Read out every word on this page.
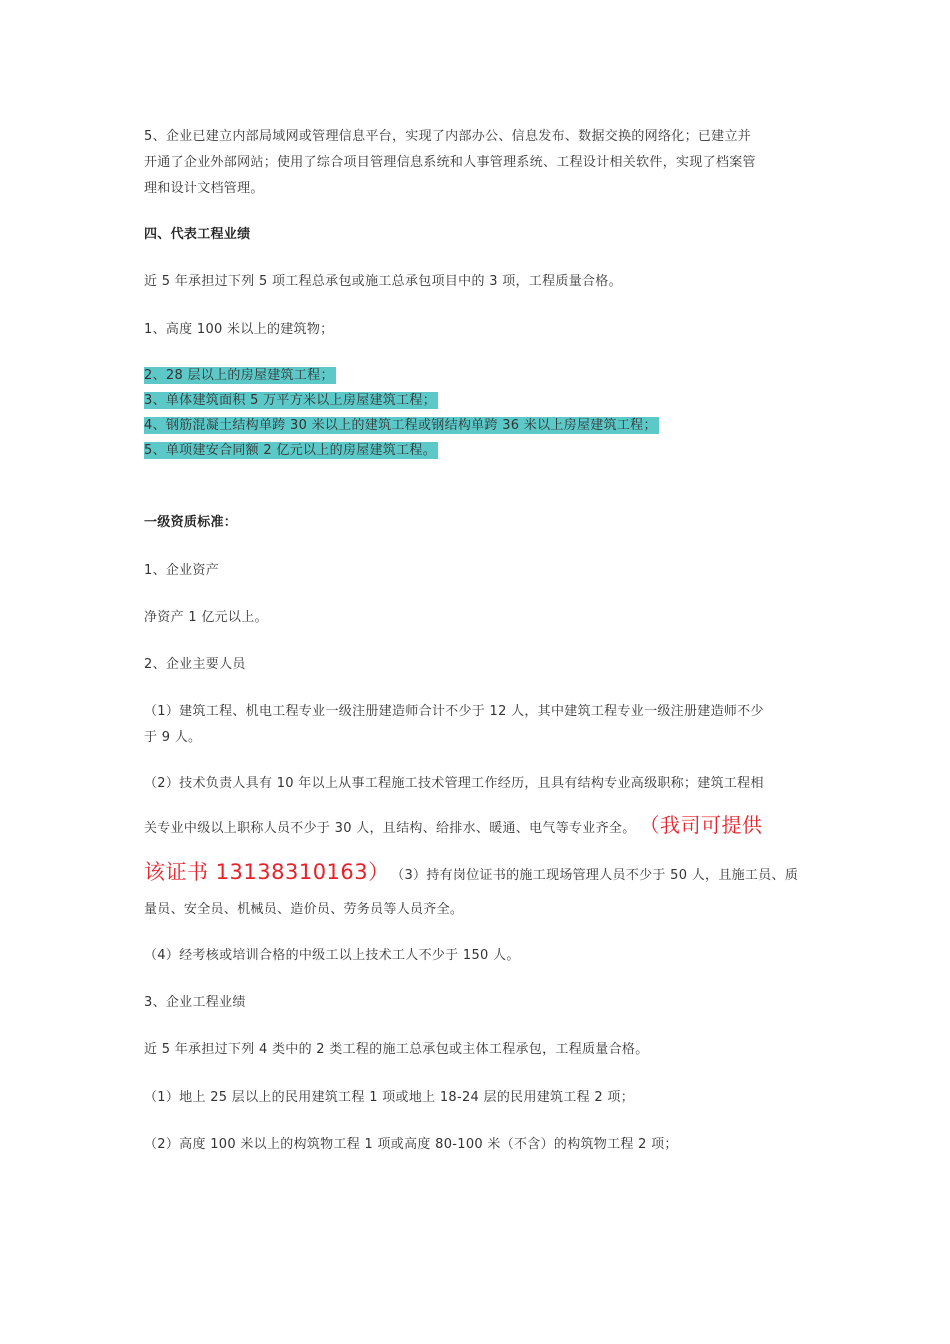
5、企业已建立内部局域网或管理信息平台，实现了内部办公、信息发布、数据交换的网络化；已建立并

开通了企业外部网站；使用了综合项目管理信息系统和人事管理系统、工程设计相关软件，实现了档案管

理和设计文档管理。

四、代表工程业绩

近 5 年承担过下列 5 项工程总承包或施工总承包项目中的 3 项，工程质量合格。

1、高度 100 米以上的建筑物；

2、28 层以上的房屋建筑工程；

3、单体建筑面积 5 万平方米以上房屋建筑工程；

4、钢筋混凝土结构单跨 30 米以上的建筑工程或钢结构单跨 36 米以上房屋建筑工程；

5、单项建安合同额 2 亿元以上的房屋建筑工程。

一级资质标准：

1、企业资产

净资产 1 亿元以上。

2、企业主要人员

（1）建筑工程、机电工程专业一级注册建造师合计不少于 12 人，其中建筑工程专业一级注册建造师不少

于 9 人。

（2）技术负责人具有 10 年以上从事工程施工技术管理工作经历，且具有结构专业高级职称；建筑工程相

关专业中级以上职称人员不少于 30 人，且结构、给排水、暖通、电气等专业齐全。 （我司可提供

该证书 13138310163） （3）持有岗位证书的施工现场管理人员不少于 50 人，且施工员、质

量员、安全员、机械员、造价员、劳务员等人员齐全。

（4）经考核或培训合格的中级工以上技术工人不少于 150 人。

3、企业工程业绩

近 5 年承担过下列 4 类中的 2 类工程的施工总承包或主体工程承包，工程质量合格。

（1）地上 25 层以上的民用建筑工程 1 项或地上 18-24 层的民用建筑工程 2 项；

（2）高度 100 米以上的构筑物工程 1 项或高度 80-100 米（不含）的构筑物工程 2 项；
